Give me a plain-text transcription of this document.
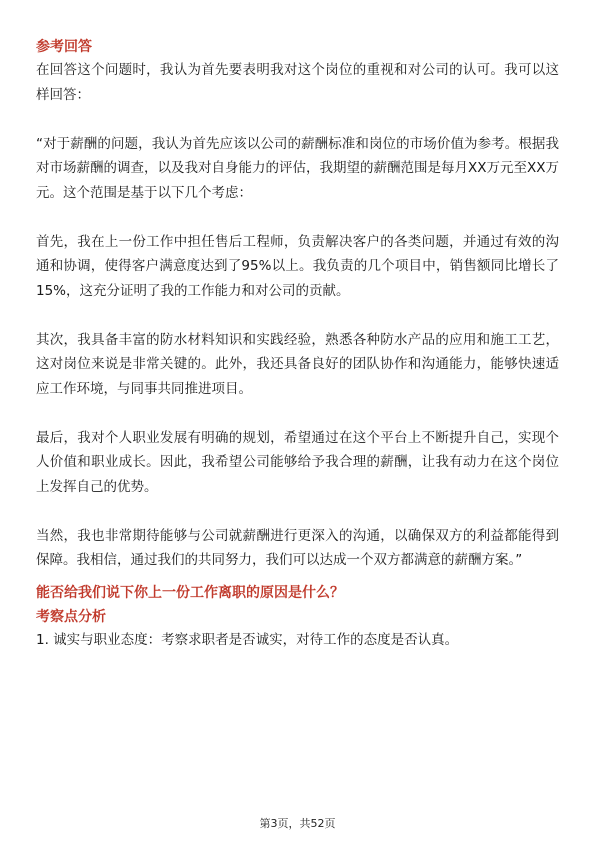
参考回答

在回答这个问题时，我认为首先要表明我对这个岗位的重视和对公司的认可。我可以这样回答：

“对于薪酬的问题，我认为首先应该以公司的薪酬标准和岗位的市场价值为参考。根据我对市场薪酬的调查，以及我对自身能力的评估，我期望的薪酬范围是每月XX万元至XX万元。这个范围是基于以下几个考虑：

首先，我在上一份工作中担任售后工程师，负责解决客户的各类问题，并通过有效的沟通和协调，使得客户满意度达到了95%以上。我负责的几个项目中，销售额同比增长了15%，这充分证明了我的工作能力和对公司的贡献。

其次，我具备丰富的防水材料知识和实践经验，熟悉各种防水产品的应用和施工工艺，这对岗位来说是非常关键的。此外，我还具备良好的团队协作和沟通能力，能够快速适应工作环境，与同事共同推进项目。

最后，我对个人职业发展有明确的规划，希望通过在这个平台上不断提升自己，实现个人价值和职业成长。因此，我希望公司能够给予我合理的薪酬，让我有动力在这个岗位上发挥自己的优势。

当然，我也非常期待能够与公司就薪酬进行更深入的沟通，以确保双方的利益都能得到保障。我相信，通过我们的共同努力，我们可以达成一个双方都满意的薪酬方案。”

能否给我们说下你上一份工作离职的原因是什么？
考察点分析

1. 诚实与职业态度：考察求职者是否诚实，对待工作的态度是否认真。

第3页，共52页
